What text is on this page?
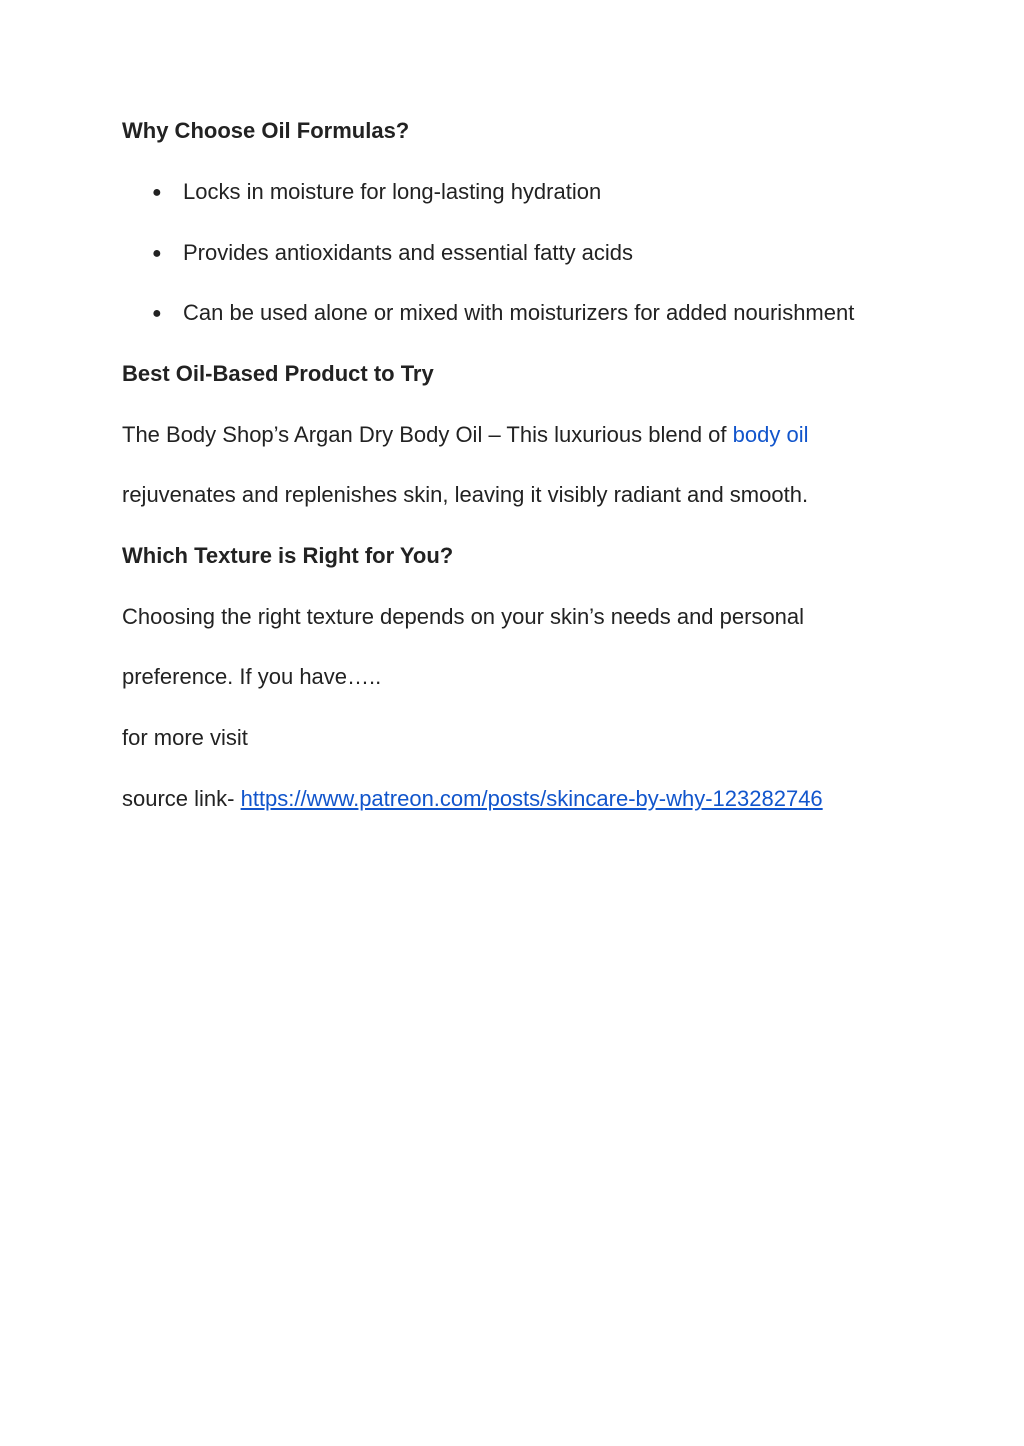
Why Choose Oil Formulas?
● Locks in moisture for long-lasting hydration
● Provides antioxidants and essential fatty acids
● Can be used alone or mixed with moisturizers for added nourishment
Best Oil-Based Product to Try
The Body Shop’s Argan Dry Body Oil – This luxurious blend of body oil
rejuvenates and replenishes skin, leaving it visibly radiant and smooth.
Which Texture is Right for You?
Choosing the right texture depends on your skin’s needs and personal
preference. If you have…..
for more visit
source link- https://www.patreon.com/posts/skincare-by-why-123282746
